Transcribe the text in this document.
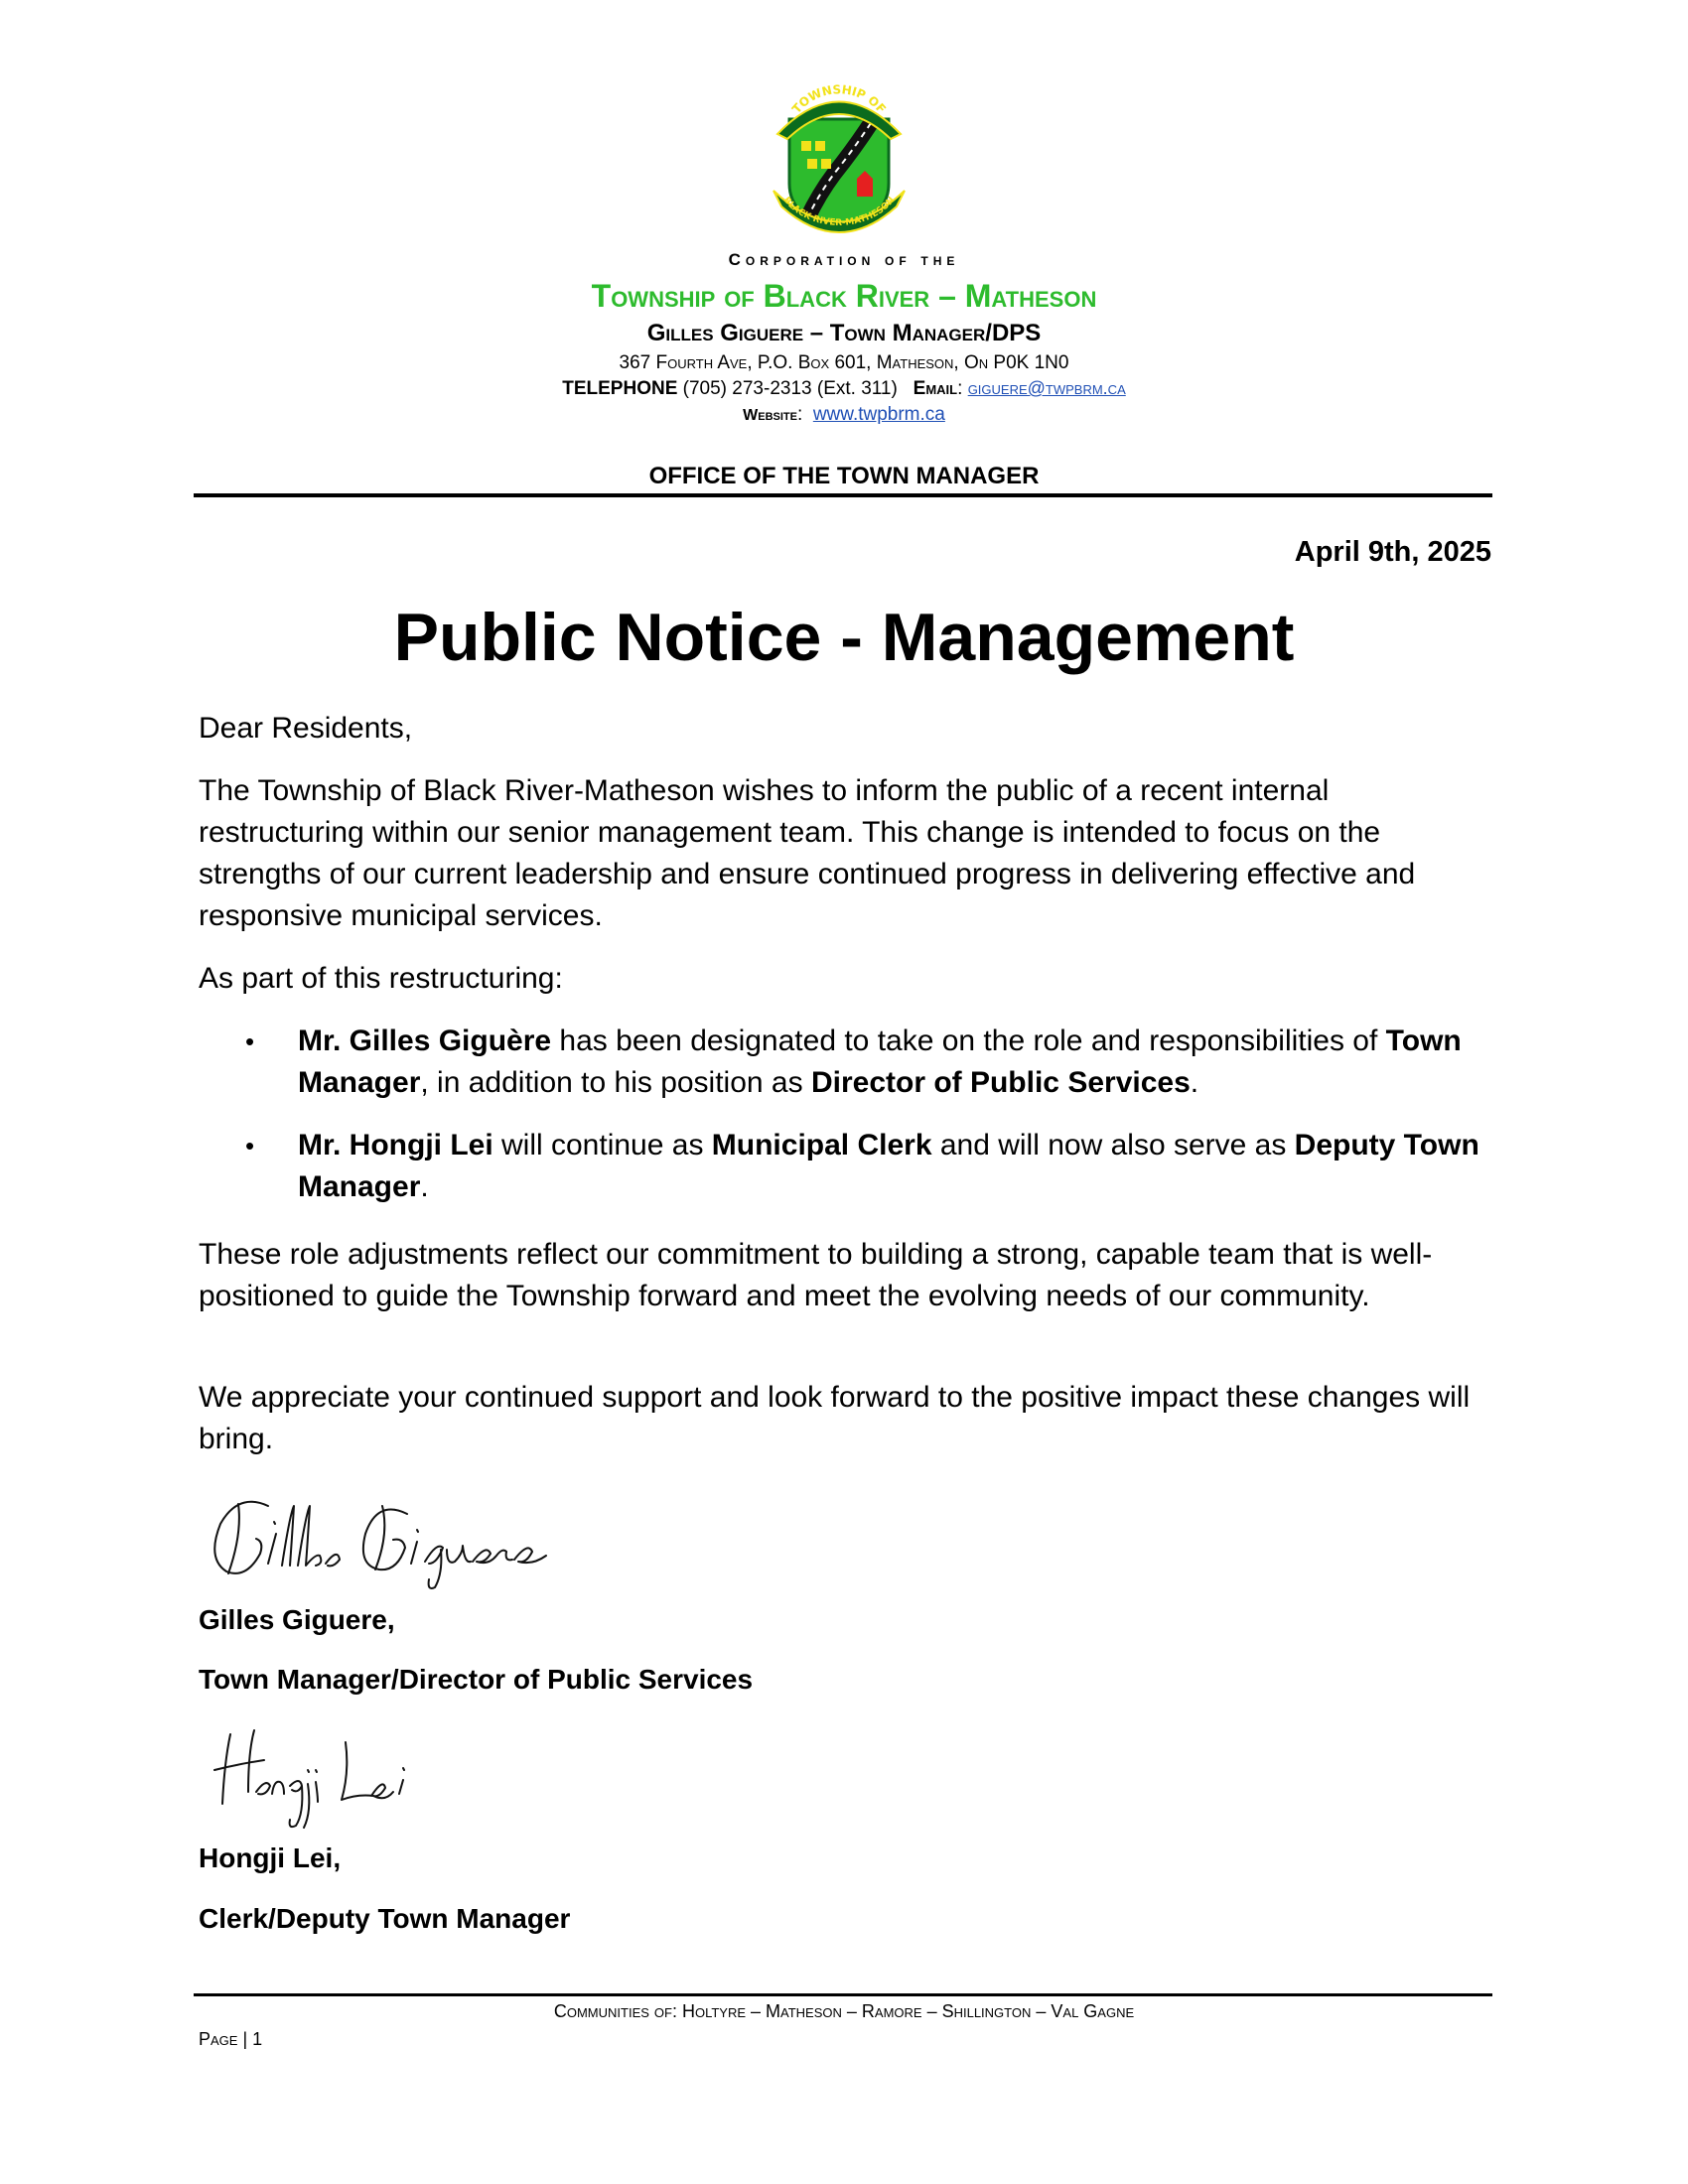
TOWNSHIP OF
BLACK RIVER-MATHESON
Corporation of the
Township of Black River – Matheson
Gilles Giguere – Town Manager/DPS
367 Fourth Ave, P.O. Box 601, Matheson, On P0K 1N0
TELEPHONE (705) 273-2313 (Ext. 311) Email: giguere@twpbrm.ca
Website:  www.twpbrm.ca
OFFICE OF THE TOWN MANAGER
April 9th, 2025
Public Notice - Management
Dear Residents,
The Township of Black River-Matheson wishes to inform the public of a recent internal restructuring within our senior management team. This change is intended to focus on the strengths of our current leadership and ensure continued progress in delivering effective and responsive municipal services.
As part of this restructuring:
• Mr. Gilles Giguère has been designated to take on the role and responsibilities of Town Manager, in addition to his position as Director of Public Services.
• Mr. Hongji Lei will continue as Municipal Clerk and will now also serve as Deputy Town Manager.
These role adjustments reflect our commitment to building a strong, capable team that is well-positioned to guide the Township forward and meet the evolving needs of our community.
We appreciate your continued support and look forward to the positive impact these changes will bring.
Gilles Giguere,
Town Manager/Director of Public Services
Hongji Lei,
Clerk/Deputy Town Manager
Communities of: Holtyre – Matheson – Ramore – Shillington – Val Gagne
Page | 1
